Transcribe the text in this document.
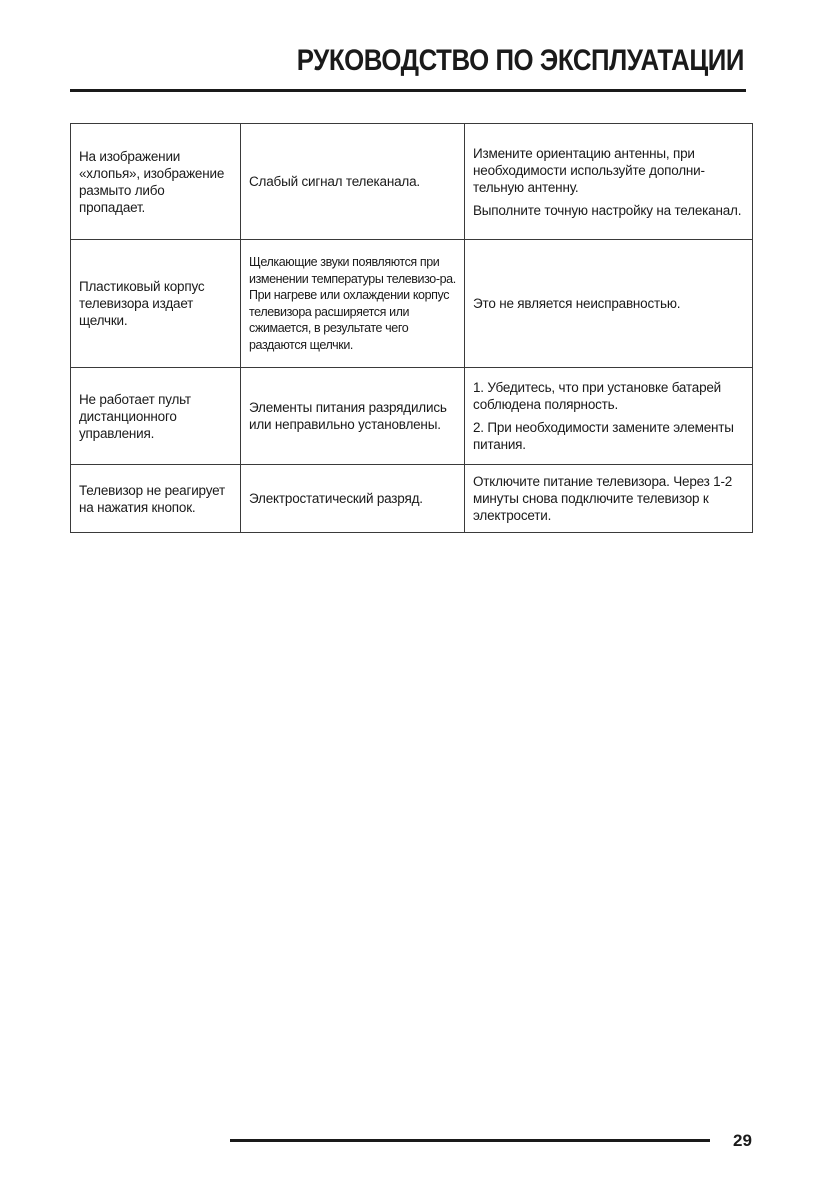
РУКОВОДСТВО ПО ЭКСПЛУАТАЦИИ
На изображении «хлопья», изображение размыто либо пропадает.	Слабый сигнал телеканала.	Измените ориентацию антенны, при необходимости используйте дополни-тельную антенну.
Выполните точную настройку на телеканал.

Пластиковый корпус телевизора издает щелчки.	Щелкающие звуки появляются при изменении температуры телевизо-ра. При нагреве или охлаждении корпус телевизора расширяется или сжимается, в результате чего раздаются щелчки.	Это не является неисправностью.

Не работает пульт дистанционного управления.	Элементы питания разрядились или неправильно установлены.	1. Убедитесь, что при установке батарей соблюдена полярность.
2. При необходимости замените элементы питания.

Телевизор не реагирует на нажатия кнопок.	Электростатический разряд.	Отключите питание телевизора. Через 1-2 минуты снова подключите телевизор к электросети.
29
